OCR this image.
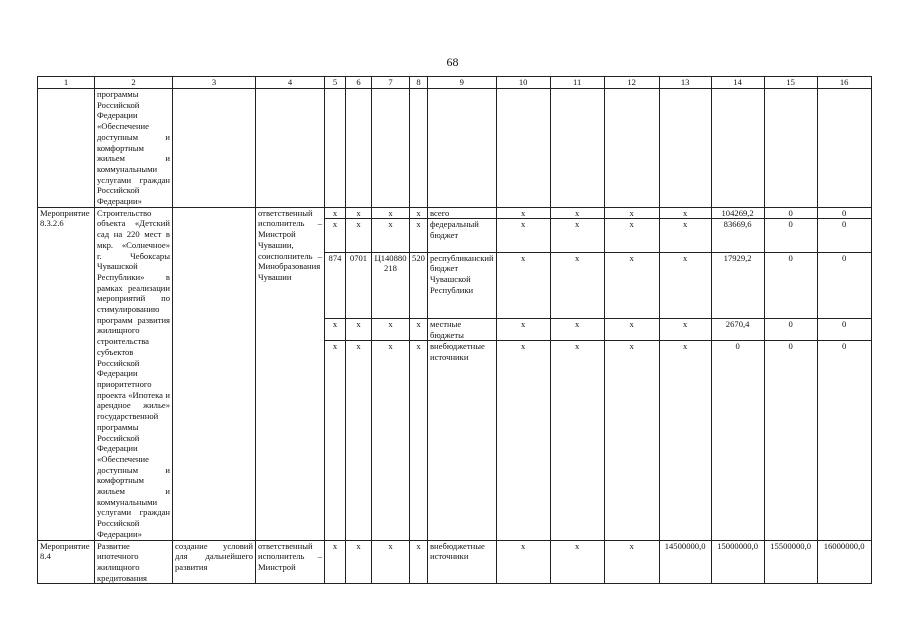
68
1	2	3	4	5	6	7	8	9	10	11	12	13	14	15	16
	программы Российской Федерации «Обеспечение доступным и комфортным жильем и коммунальными услугами граждан Российской Федерации»														
Мероприятие 8.3.2.6	Строительство объекта «Детский сад на 220 мест в мкр. «Солнечное» г. Чебоксары Чувашской Республики» в рамках реализации мероприятий по стимулированию программ развития жилищного строительства субъектов Российской Федерации приоритетного проекта «Ипотека и арендное жилье» государственной программы Российской Федерации «Обеспечение доступным и комфортным жильем и коммунальными услугами граждан Российской Федерации»		ответственный исполнитель – Минстрой Чувашии, соисполнитель – Минобразования Чувашии	x	x	x	x	всего	x	x	x	x	104269,2	0	0
				x	x	x	x	федеральный бюджет	x	x	x	x	83669,6	0	0
				874	0701	Ц140880218	520	республиканский бюджет Чувашской Республики	x	x	x	x	17929,2	0	0
				x	x	x	x	местные бюджеты	x	x	x	x	2670,4	0	0
				x	x	x	x	внебюджетные источники	x	x	x	x	0	0	0
Мероприятие 8.4	Развитие ипотечного жилищного кредитования	создание условий для дальнейшего развития	ответственный исполнитель – Минстрой	x	x	x	x	внебюджетные источники	x	x	x	14500000,0	15000000,0	15500000,0	16000000,0
